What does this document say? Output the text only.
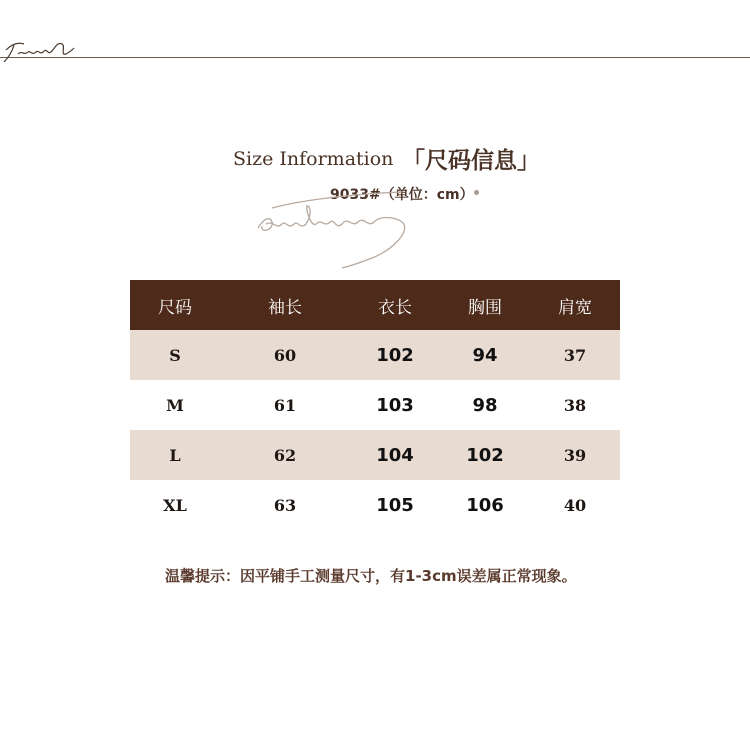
Size Information 「尺码信息」
9033#（单位：cm）
尺码	袖长	衣长	胸围	肩宽
S	60	102	94	37
M	61	103	98	38
L	62	104	102	39
XL	63	105	106	40
温馨提示：因平铺手工测量尺寸，有1-3cm误差属正常现象。
